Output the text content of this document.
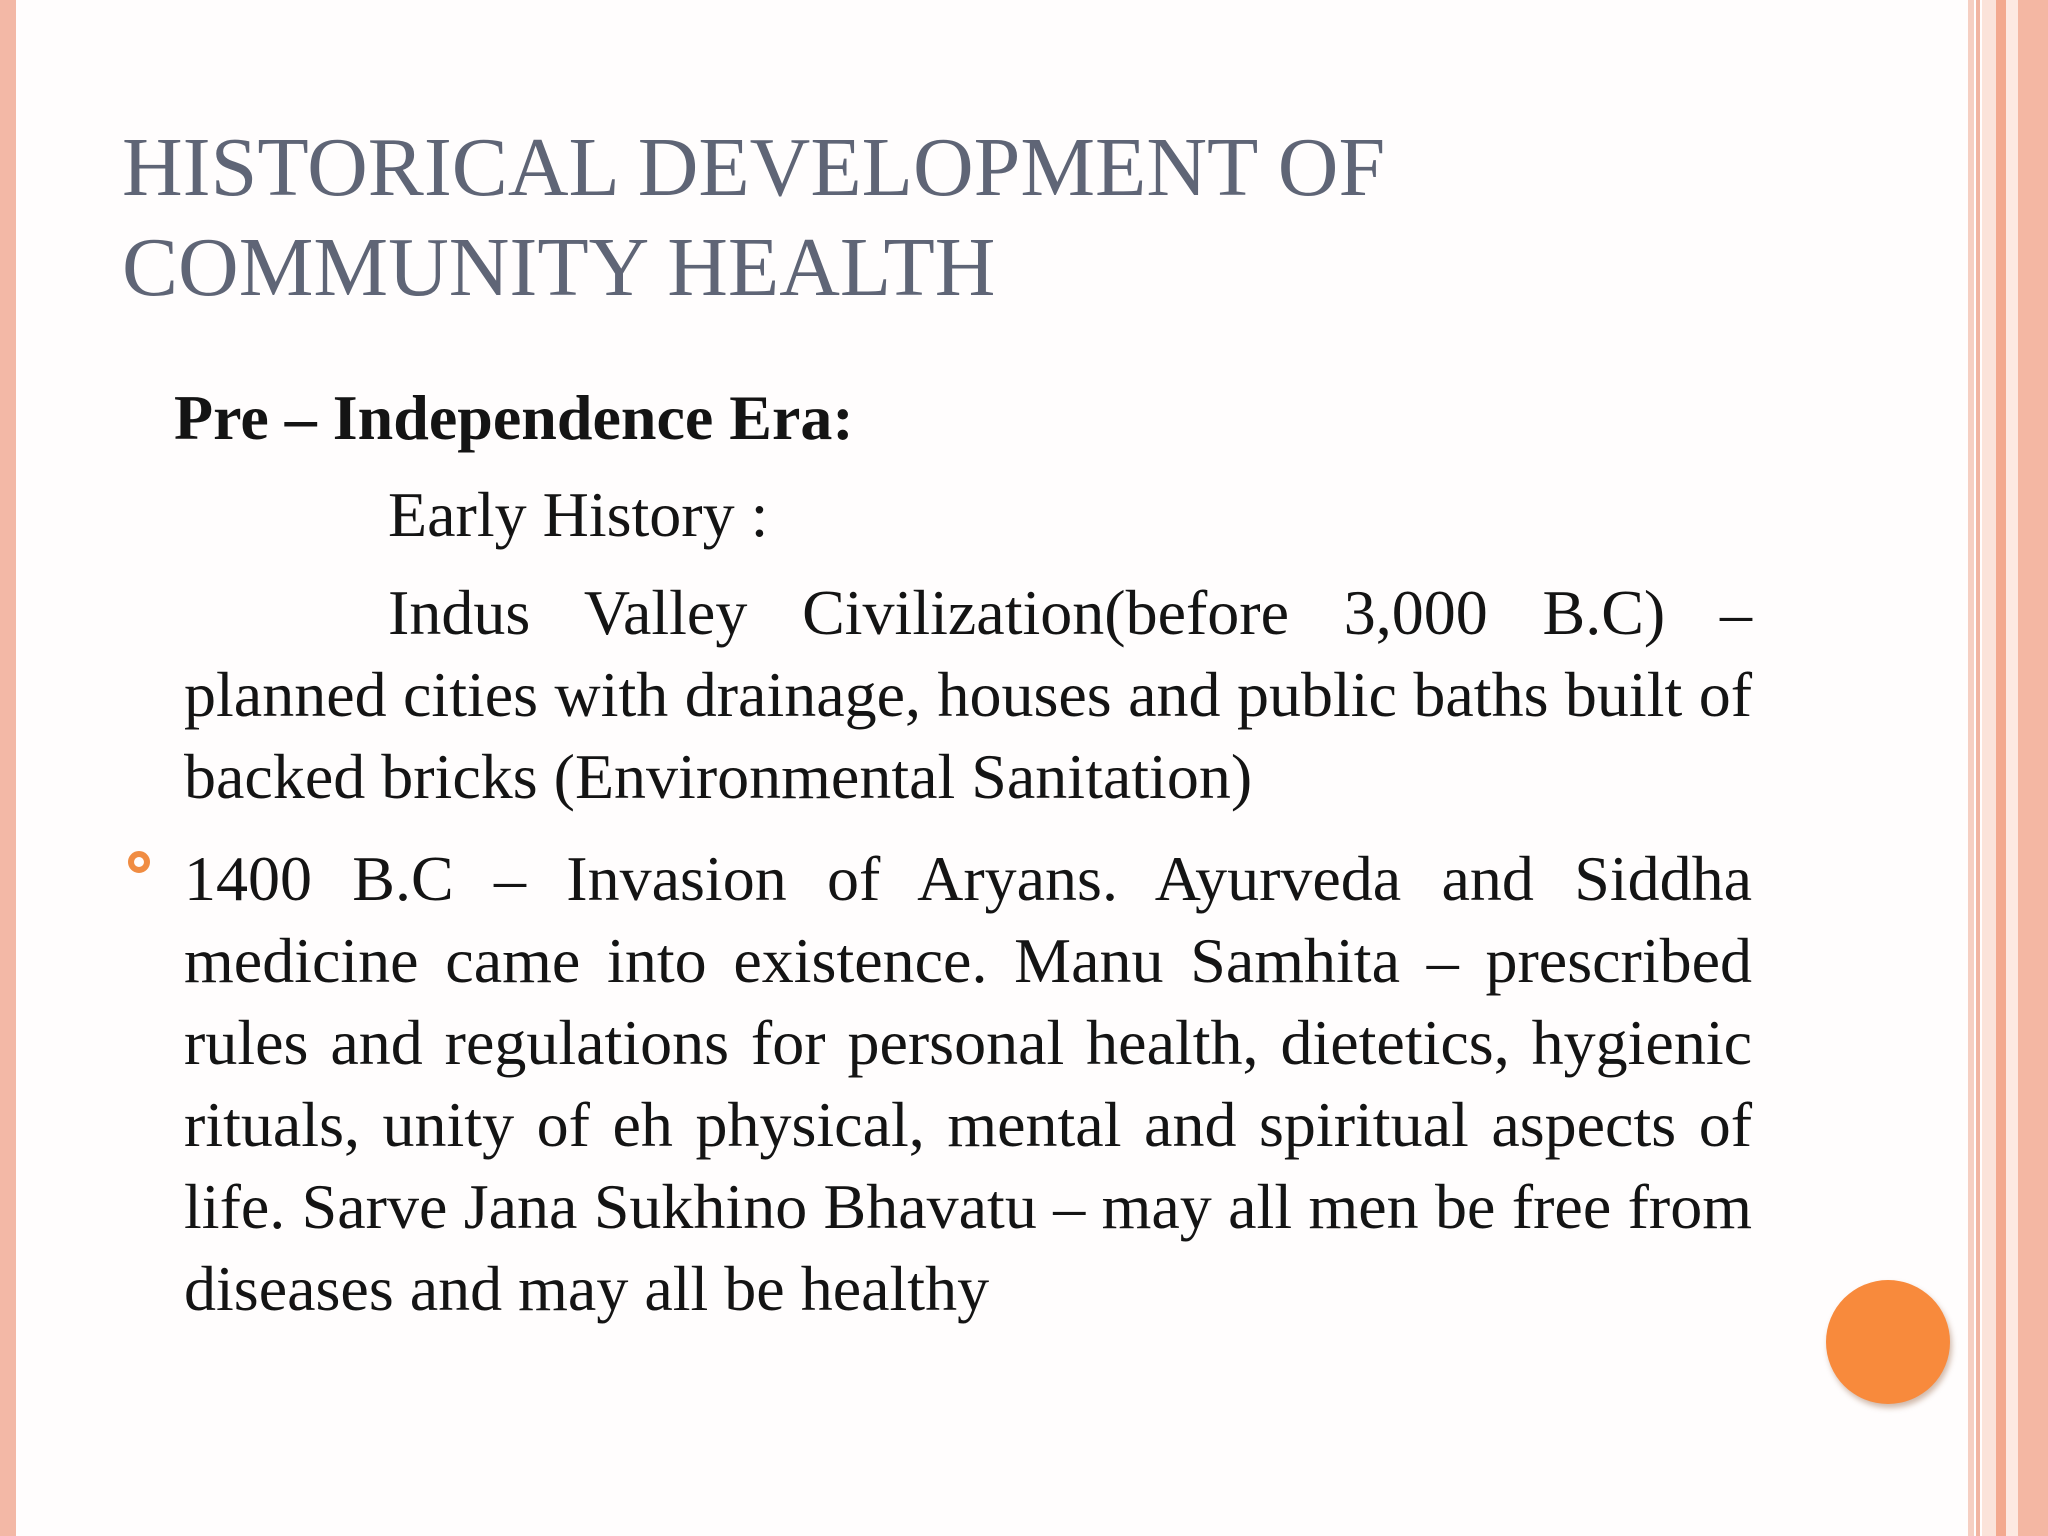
HISTORICAL DEVELOPMENT OF COMMUNITY HEALTH
Pre – Independence Era:
Early History :

Indus Valley Civilization(before 3,000 B.C) – planned cities with drainage, houses and public baths built of backed bricks (Environmental Sanitation)

1400 B.C – Invasion of Aryans. Ayurveda and Siddha medicine came into existence. Manu Samhita – prescribed rules and regulations for personal health, dietetics, hygienic rituals, unity of eh physical, mental and spiritual aspects of life. Sarve Jana Sukhino Bhavatu – may all men be free from diseases and may all be healthy
